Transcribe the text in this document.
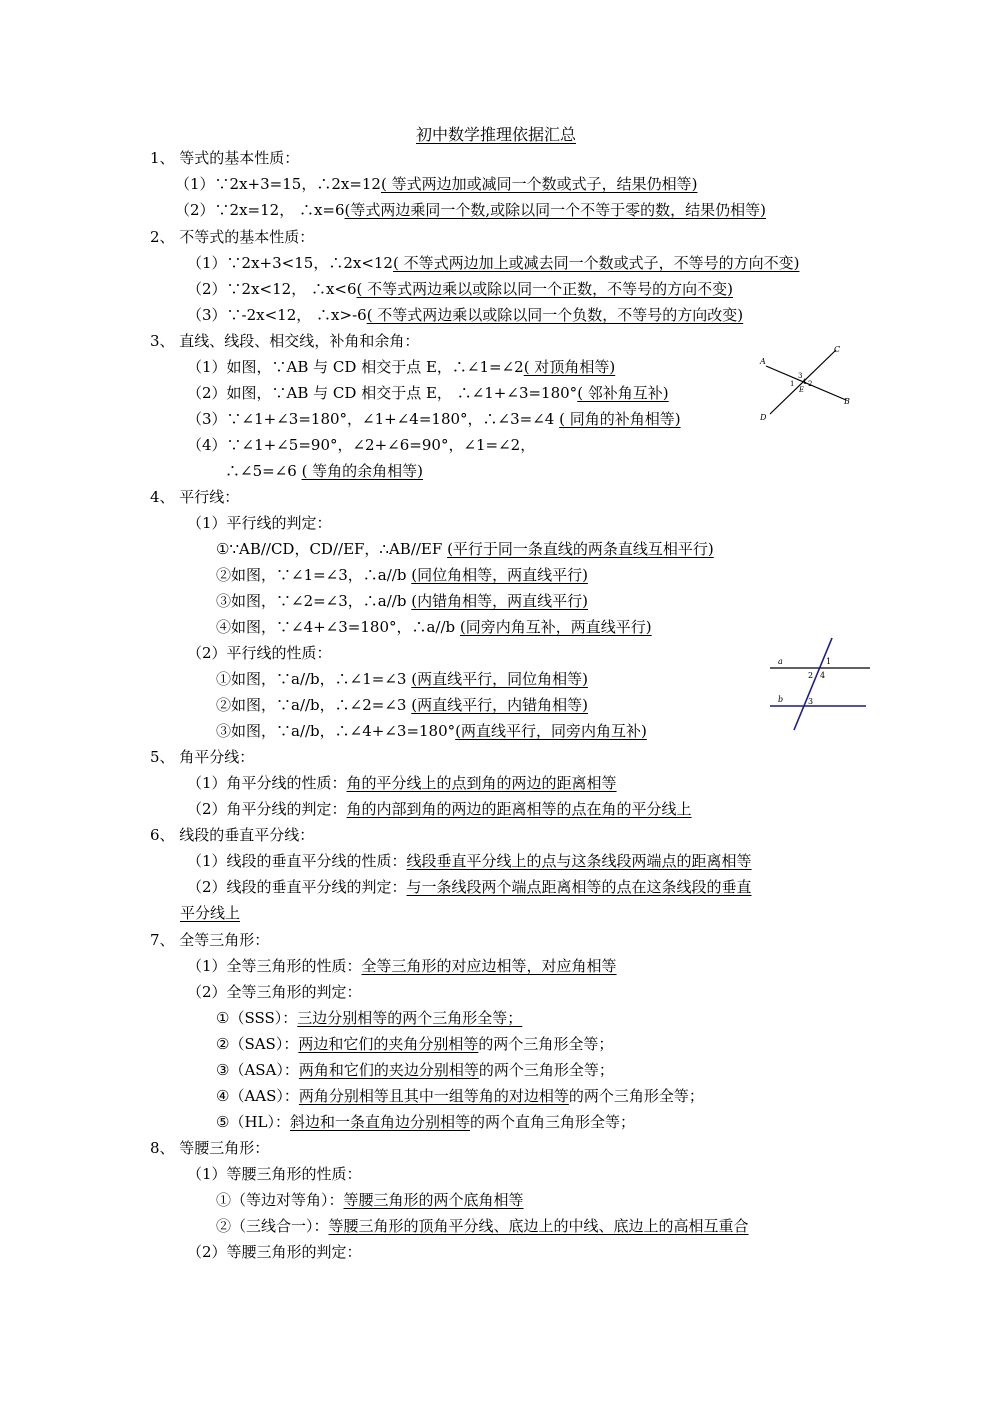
初中数学推理依据汇总
1、 等式的基本性质：
（1）∵2x+3=15，∴2x=12( 等式两边加或减同一个数或式子，结果仍相等)
（2）∵2x=12， ∴x=6(等式两边乘同一个数,或除以同一个不等于零的数，结果仍相等)
2、 不等式的基本性质：
（1）∵2x+3<15，∴2x<12( 不等式两边加上或减去同一个数或式子，不等号的方向不变)
（2）∵2x<12， ∴x<6( 不等式两边乘以或除以同一个正数，不等号的方向不变)
（3）∵-2x<12， ∴x>-6( 不等式两边乘以或除以同一个负数，不等号的方向改变)
3、 直线、线段、相交线，补角和余角：
（1）如图，∵AB 与 CD 相交于点 E，∴∠1=∠2( 对顶角相等)
（2）如图，∵AB 与 CD 相交于点 E， ∴∠1+∠3=180°( 邻补角互补)
（3）∵∠1+∠3=180°，∠1+∠4=180°，∴∠3=∠4 ( 同角的补角相等)
（4）∵∠1+∠5=90°，∠2+∠6=90°，∠1=∠2，
∴∠5=∠6 ( 等角的余角相等)
4、 平行线：
（1）平行线的判定：
①∵AB//CD，CD//EF，∴AB//EF (平行于同一条直线的两条直线互相平行)
②如图，∵∠1=∠3，∴a//b (同位角相等，两直线平行)
③如图，∵∠2=∠3，∴a//b (内错角相等，两直线平行)
④如图，∵∠4+∠3=180°，∴a//b (同旁内角互补，两直线平行)
（2）平行线的性质：
①如图，∵a//b，∴∠1=∠3 (两直线平行，同位角相等)
②如图，∵a//b，∴∠2=∠3 (两直线平行，内错角相等)
③如图，∵a//b，∴∠4+∠3=180°(两直线平行，同旁内角互补)
5、 角平分线：
（1）角平分线的性质：角的平分线上的点到角的两边的距离相等
（2）角平分线的判定：角的内部到角的两边的距离相等的点在角的平分线上
6、 线段的垂直平分线：
（1）线段的垂直平分线的性质：线段垂直平分线上的点与这条线段两端点的距离相等
（2）线段的垂直平分线的判定：与一条线段两个端点距离相等的点在这条线段的垂直
平分线上
7、 全等三角形：
（1）全等三角形的性质：全等三角形的对应边相等，对应角相等
（2）全等三角形的判定：
①（SSS）：三边分别相等的两个三角形全等；
②（SAS）：两边和它们的夹角分别相等的两个三角形全等；
③（ASA）：两角和它们的夹边分别相等的两个三角形全等；
④（AAS）：两角分别相等且其中一组等角的对边相等的两个三角形全等；
⑤（HL）：斜边和一条直角边分别相等的两个直角三角形全等；
8、 等腰三角形：
（1）等腰三角形的性质：
①（等边对等角）：等腰三角形的两个底角相等
②（三线合一）：等腰三角形的顶角平分线、底边上的中线、底边上的高相互重合
（2）等腰三角形的判定：
A
C
D
B
1 2
3
4
E
a
b
1
2 4
3
